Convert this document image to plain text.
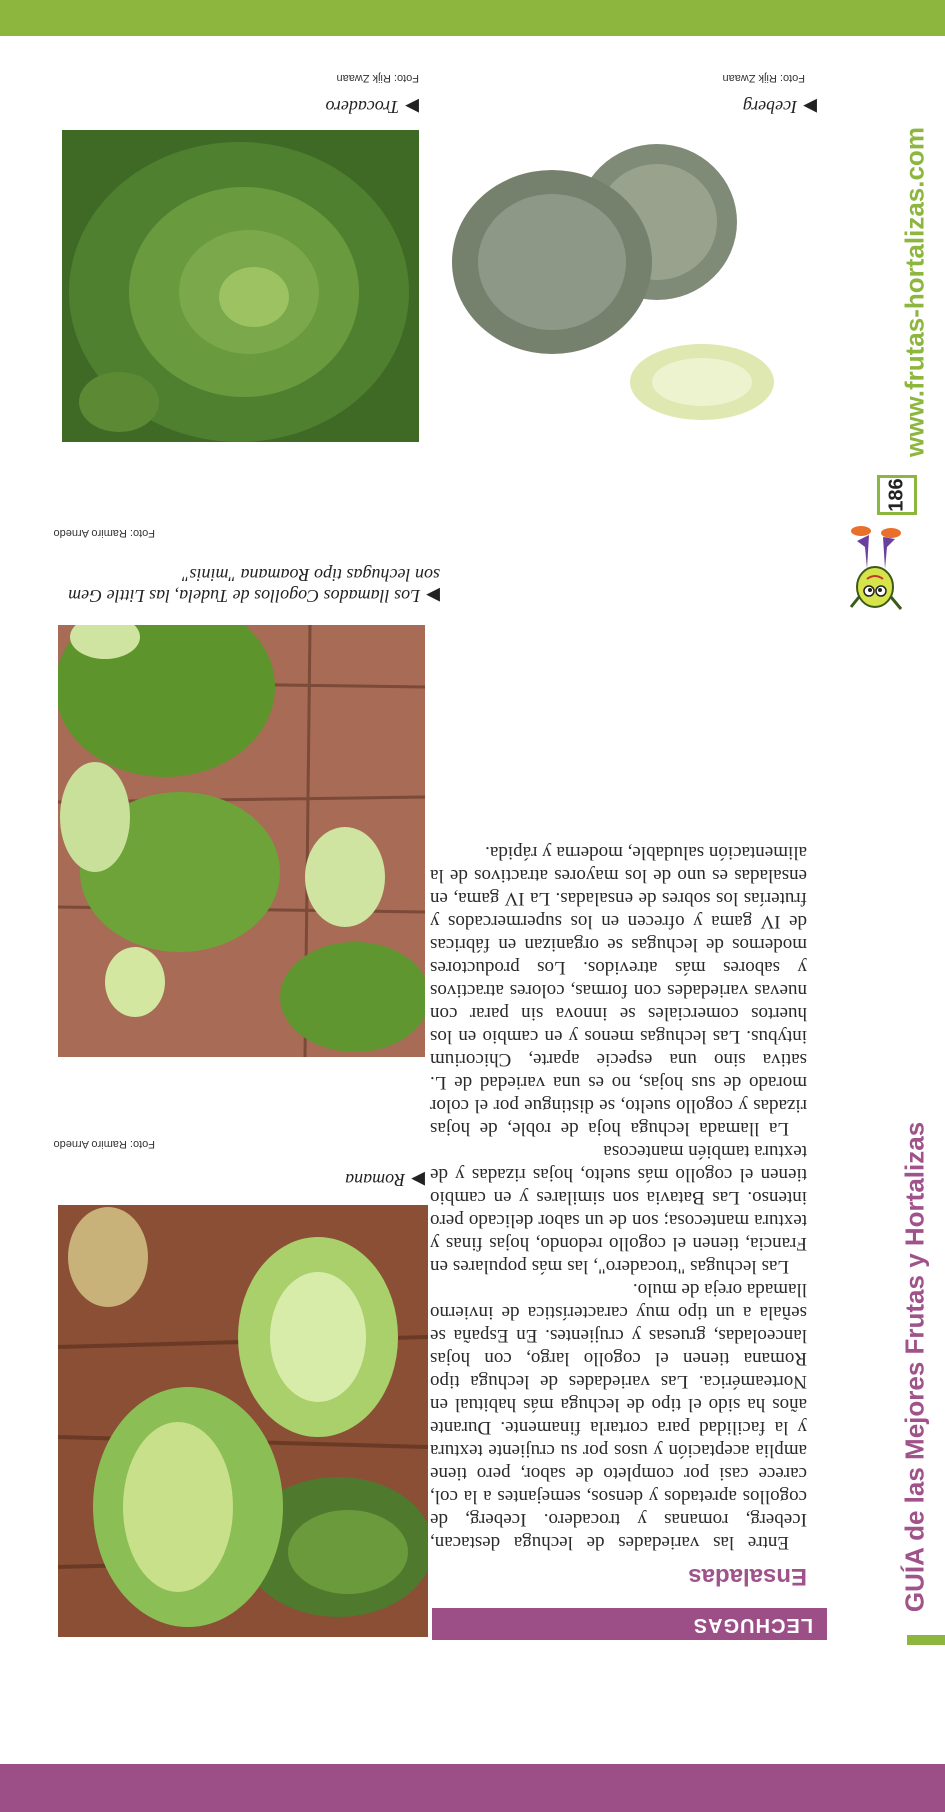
GUÍA de las Mejores Frutas y Hortalizas
www.frutas-hortalizas.com
186
LECHUGAS
Ensaladas

Entre las variedades de lechuga destacan, Iceberg, romanas y trocadero. Iceberg, de cogollos apretados y densos, semejantes a la col, carece casi por completo de sabor, pero tiene amplia aceptación y usos por su crujiente textura y la facilidad para cortarla finamente. Durante años ha sido el tipo de lechuga más habitual en Norteamérica. Las variedades de lechuga tipo Romana tienen el cogollo largo, con hojas lanceoladas, gruesas y crujientes. En España se señala a un tipo muy característica de invierno llamada oreja de mulo.

Las lechugas "trocadero", las más populares en Francia, tienen el cogollo redondo, hojas finas y textura mantecosa; son de un sabor delicado pero intenso. Las Batavia son similares y en cambio tienen el cogollo más suelto, hojas rizadas y de textura también mantecosa

La llamada lechuga hoja de roble, de hojas rizadas y cogollo suelto, se distingue por el color morado de sus hojas, no es una variedad de L. sativa sino una especie aparte, Chicorium intybus. Las lechugas menos y en cambio en los huertos comerciales se innova sin parar con nuevas variedades con formas, colores atractivos y sabores más atrevidos. Los productores modernos de lechugas se organizan en fábricas de IV gama y ofrecen en los supermercados y fruterías los sobres de ensaladas. La IV gama, en ensaladas es uno de los mayores atractivos de la alimentación saludable, moderna y rápida.

▶Romana
Foto: Ramiro Arnedo
▶Los llamados Cogollos de Tudela, las Little Gem son lechugas tipo Roamana "minis"
Foto: Ramiro Arnedo
▶Iceberg
Foto: Rijk Zwaan
▶Trocadero
Foto: Rijk Zwaan
